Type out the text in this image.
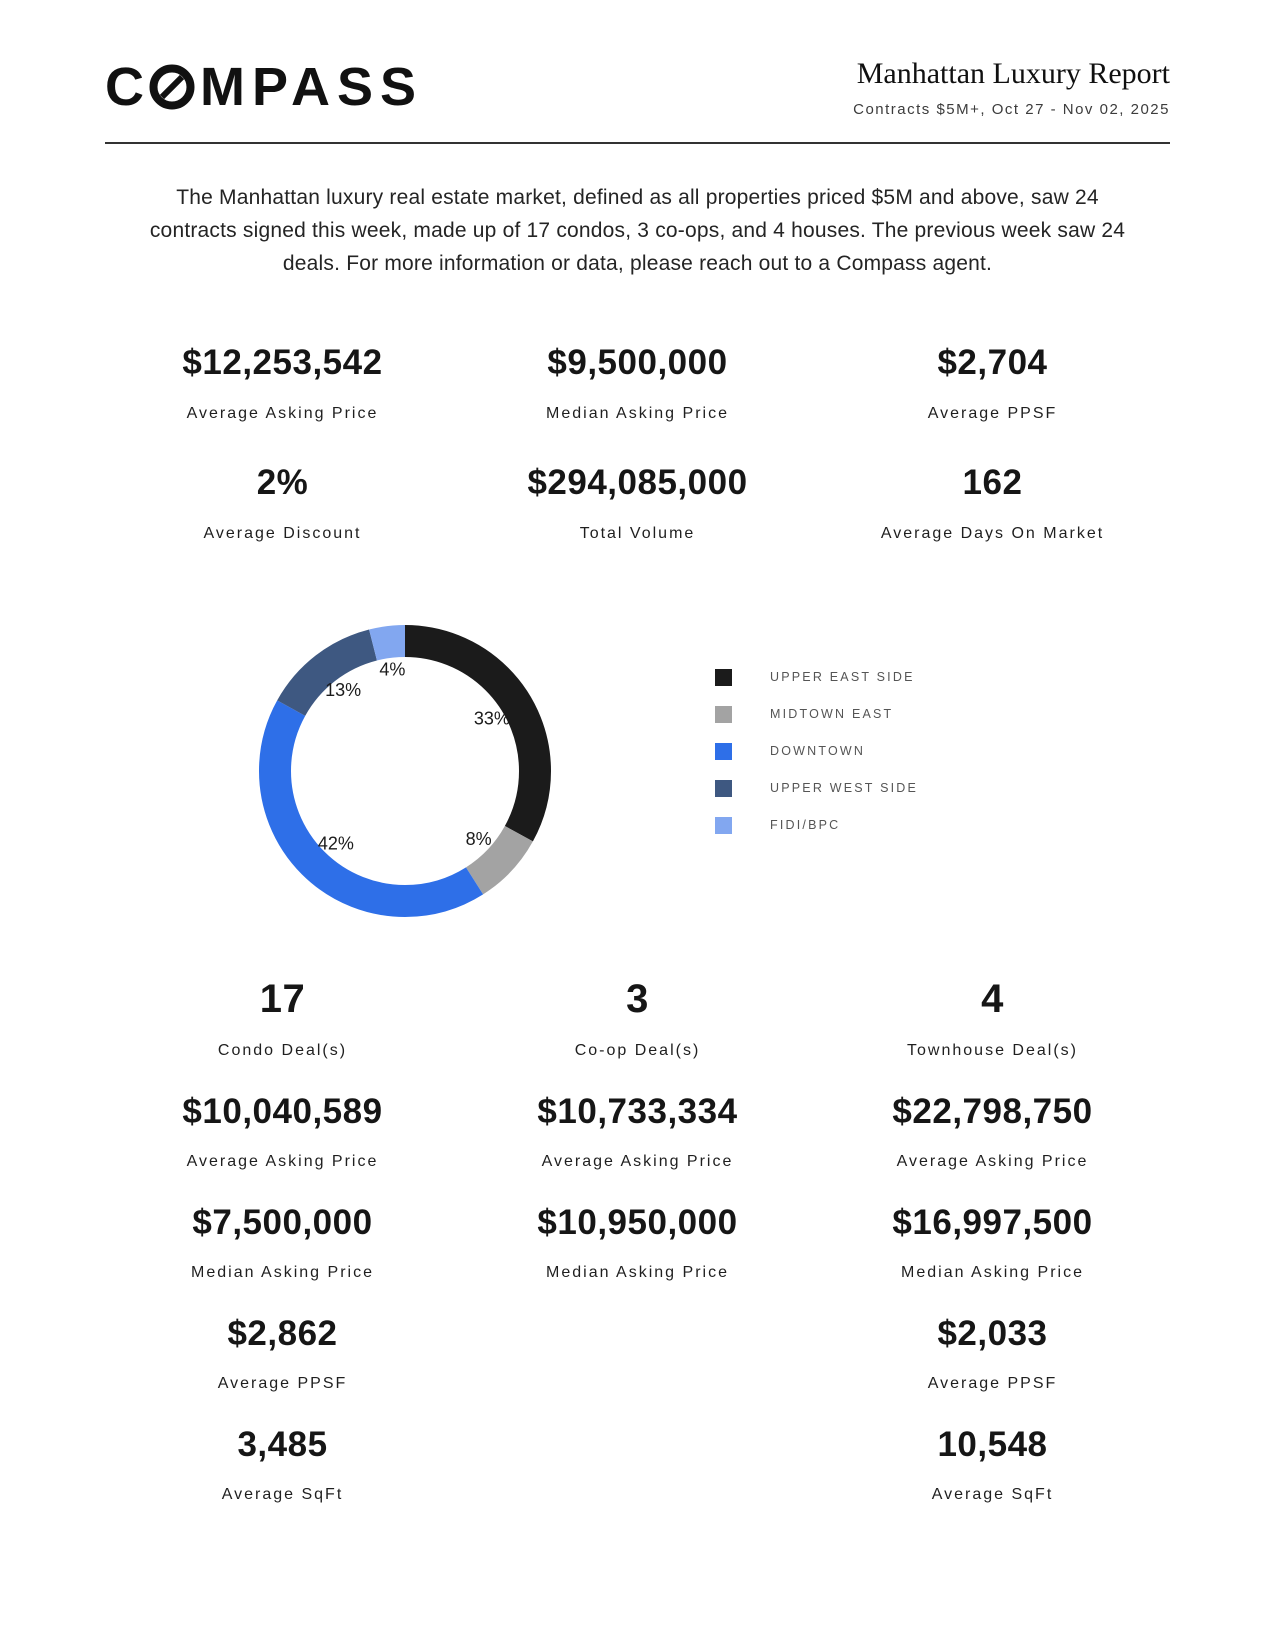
C MPASS	Manhattan Luxury Report
Contracts $5M+, Oct 27 - Nov 02, 2025

The Manhattan luxury real estate market, defined as all properties priced $5M and above, saw 24 contracts signed this week, made up of 17 condos, 3 co-ops, and 4 houses. The previous week saw 24 deals. For more information or data, please reach out to a Compass agent.

$12,253,542
Average Asking Price
$9,500,000
Median Asking Price
$2,704
Average PPSF
2%
Average Discount
$294,085,000
Total Volume
162
Average Days On Market
33%
8%
42%
13%
4%	UPPER EAST SIDE
MIDTOWN EAST
DOWNTOWN
UPPER WEST SIDE
FIDI/BPC
17
Condo Deal(s)
3
Co-op Deal(s)
4
Townhouse Deal(s)
$10,040,589
Average Asking Price
$10,733,334
Average Asking Price
$22,798,750
Average Asking Price
$7,500,000
Median Asking Price
$10,950,000
Median Asking Price
$16,997,500
Median Asking Price
$2,862
Average PPSF
$2,033
Average PPSF
3,485
Average SqFt
10,548
Average SqFt
